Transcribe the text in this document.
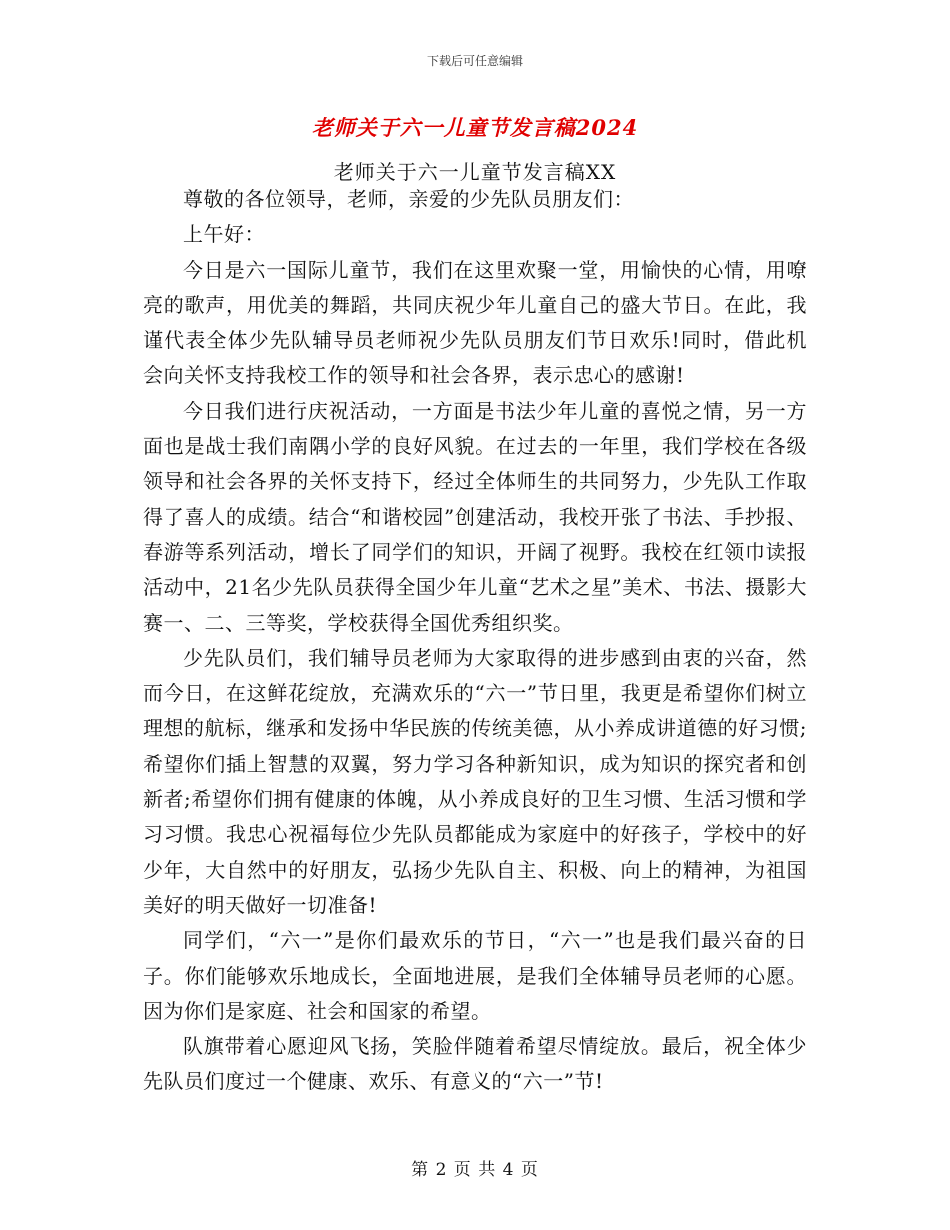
下载后可任意编辑
老师关于六一儿童节发言稿2024
老师关于六一儿童节发言稿XX

尊敬的各位领导，老师，亲爱的少先队员朋友们：

上午好：

今日是六一国际儿童节，我们在这里欢聚一堂，用愉快的心情，用嘹亮的歌声，用优美的舞蹈，共同庆祝少年儿童自己的盛大节日。在此，我谨代表全体少先队辅导员老师祝少先队员朋友们节日欢乐!同时，借此机会向关怀支持我校工作的领导和社会各界，表示忠心的感谢!

今日我们进行庆祝活动，一方面是书法少年儿童的喜悦之情，另一方面也是战士我们南隅小学的良好风貌。在过去的一年里，我们学校在各级领导和社会各界的关怀支持下，经过全体师生的共同努力，少先队工作取得了喜人的成绩。结合“和谐校园”创建活动，我校开张了书法、手抄报、春游等系列活动，增长了同学们的知识，开阔了视野。我校在红领巾读报活动中，21名少先队员获得全国少年儿童“艺术之星”美术、书法、摄影大赛一、二、三等奖，学校获得全国优秀组织奖。

少先队员们，我们辅导员老师为大家取得的进步感到由衷的兴奋，然而今日，在这鲜花绽放，充满欢乐的“六一”节日里，我更是希望你们树立理想的航标，继承和发扬中华民族的传统美德，从小养成讲道德的好习惯;希望你们插上智慧的双翼，努力学习各种新知识，成为知识的探究者和创新者;希望你们拥有健康的体魄，从小养成良好的卫生习惯、生活习惯和学习习惯。我忠心祝福每位少先队员都能成为家庭中的好孩子，学校中的好少年，大自然中的好朋友，弘扬少先队自主、积极、向上的精神，为祖国美好的明天做好一切准备!

同学们，“六一”是你们最欢乐的节日，“六一”也是我们最兴奋的日子。你们能够欢乐地成长，全面地进展，是我们全体辅导员老师的心愿。因为你们是家庭、社会和国家的希望。

队旗带着心愿迎风飞扬，笑脸伴随着希望尽情绽放。最后，祝全体少先队员们度过一个健康、欢乐、有意义的“六一”节!

第 2 页 共 4 页
